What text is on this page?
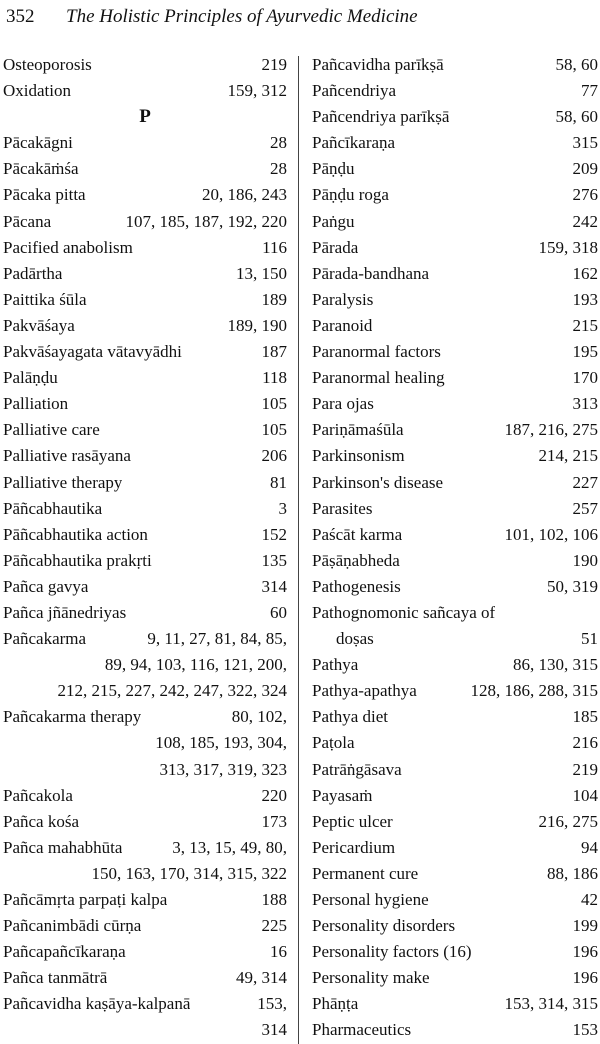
352 The Holistic Principles of Ayurvedic Medicine
Osteoporosis	219
Oxidation	159, 312
P
Pācakāgni	28
Pācakāṁśa	28
Pācaka pitta	20, 186, 243
Pācana	107, 185, 187, 192, 220
Pacified anabolism	116
Padārtha	13, 150
Paittika śūla	189
Pakvāśaya	189, 190
Pakvāśayagata vātavyādhi	187
Palāṇḍu	118
Palliation	105
Palliative care	105
Palliative rasāyana	206
Palliative therapy	81
Pāñcabhautika	3
Pāñcabhautika action	152
Pāñcabhautika prakṛti	135
Pañca gavya	314
Pañca jñānedriyas	60
Pañcakarma	9, 11, 27, 81, 84, 85,
89, 94, 103, 116, 121, 200,
212, 215, 227, 242, 247, 322, 324
Pañcakarma therapy	80, 102,
108, 185, 193, 304,
313, 317, 319, 323
Pañcakola	220
Pañca kośa	173
Pañca mahabhūta	3, 13, 15, 49, 80,
150, 163, 170, 314, 315, 322
Pañcāmṛta parpaṭi kalpa	188
Pañcanimbādi cūrṇa	225
Pañcapañcīkaraṇa	16
Pañca tanmātrā	49, 314
Pañcavidha kaṣāya-kalpanā	153,
314
Pañcavidha parīkṣā	58, 60
Pañcendriya	77
Pañcendriya parīkṣā	58, 60
Pañcīkaraṇa	315
Pāṇḍu	209
Pāṇḍu roga	276
Paṅgu	242
Pārada	159, 318
Pārada-bandhana	162
Paralysis	193
Paranoid	215
Paranormal factors	195
Paranormal healing	170
Para ojas	313
Pariṇāmaśūla	187, 216, 275
Parkinsonism	214, 215
Parkinson's disease	227
Parasites	257
Paścāt karma	101, 102, 106
Pāṣāṇabheda	190
Pathogenesis	50, 319
Pathognomonic sañcaya of
doṣas	51
Pathya	86, 130, 315
Pathya-apathya	128, 186, 288, 315
Pathya diet	185
Paṭola	216
Patrāṅgāsava	219
Payasaṁ	104
Peptic ulcer	216, 275
Pericardium	94
Permanent cure	88, 186
Personal hygiene	42
Personality disorders	199
Personality factors (16)	196
Personality make	196
Phāṇṭa	153, 314, 315
Pharmaceutics	153
